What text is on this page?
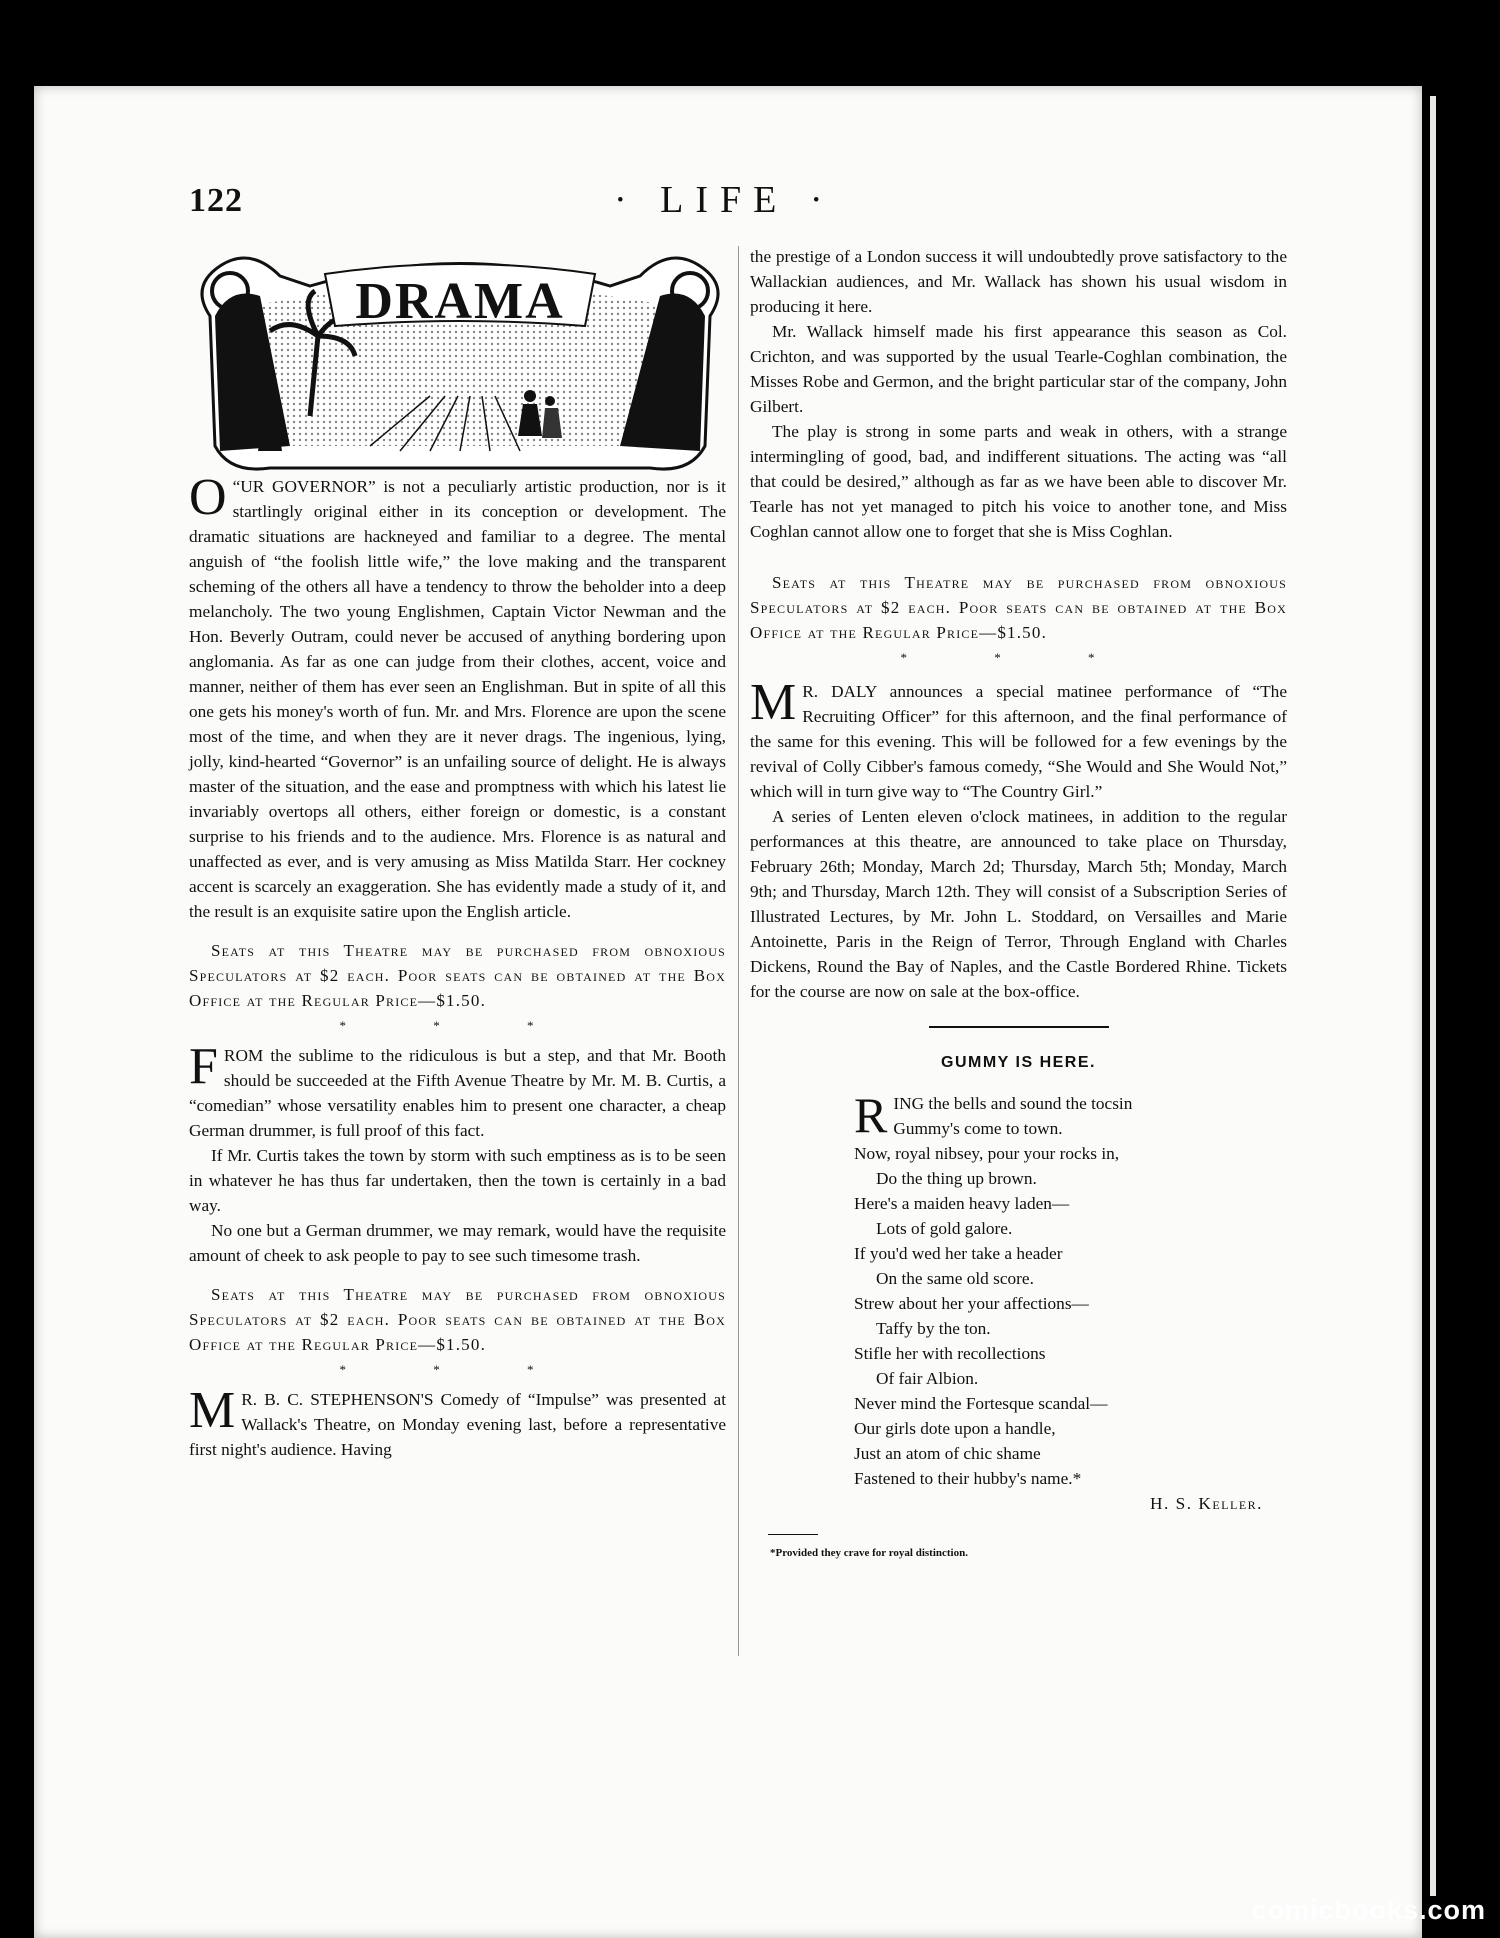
122	· LIFE ·
DRAMA

“
O UR GOVERNOR” is not a peculiarly artistic production, nor is it startlingly original either in its conception or development. The dramatic situations are hackneyed and familiar to a degree. The mental anguish of “the foolish little wife,” the love making and the transparent scheming of the others all have a tendency to throw the beholder into a deep melancholy. The two young Englishmen, Captain Victor Newman and the Hon. Beverly Outram, could never be accused of anything bordering upon anglomania. As far as one can judge from their clothes, accent, voice and manner, neither of them has ever seen an Englishman. But in spite of all this one gets his money's worth of fun. Mr. and Mrs. Florence are upon the scene most of the time, and when they are it never drags. The ingenious, lying, jolly, kind-hearted “Governor” is an unfailing source of delight. He is always master of the situation, and the ease and promptness with which his latest lie invariably overtops all others, either foreign or domestic, is a constant surprise to his friends and to the audience. Mrs. Florence is as natural and unaffected as ever, and is very amusing as Miss Matilda Starr. Her cockney accent is scarcely an exaggeration. She has evidently made a study of it, and the result is an exquisite satire upon the English article.

Seats at this Theatre may be purchased from obnoxious Speculators at $2 each. Poor seats can be obtained at the Box Office at the Regular Price—$1.50.

* * *

FROM the sublime to the ridiculous is but a step, and that Mr. Booth should be succeeded at the Fifth Avenue Theatre by Mr. M. B. Curtis, a “comedian” whose versatility enables him to present one character, a cheap German drummer, is full proof of this fact.

If Mr. Curtis takes the town by storm with such emptiness as is to be seen in whatever he has thus far undertaken, then the town is certainly in a bad way.

No one but a German drummer, we may remark, would have the requisite amount of cheek to ask people to pay to see such timesome trash.

Seats at this Theatre may be purchased from obnoxious Speculators at $2 each. Poor seats can be obtained at the Box Office at the Regular Price—$1.50.

* * *

M R. B. C. STEPHENSON'S Comedy of “Impulse” was presented at Wallack's Theatre, on Monday evening last, before a representative first night's audience. Having

the prestige of a London success it will undoubtedly prove satisfactory to the Wallackian audiences, and Mr. Wallack has shown his usual wisdom in producing it here.

Mr. Wallack himself made his first appearance this season as Col. Crichton, and was supported by the usual Tearle-Coghlan combination, the Misses Robe and Germon, and the bright particular star of the company, John Gilbert.

The play is strong in some parts and weak in others, with a strange intermingling of good, bad, and indifferent situations. The acting was “all that could be desired,” although as far as we have been able to discover Mr. Tearle has not yet managed to pitch his voice to another tone, and Miss Coghlan cannot allow one to forget that she is Miss Coghlan.

Seats at this Theatre may be purchased from obnoxious Speculators at $2 each. Poor seats can be obtained at the Box Office at the Regular Price—$1.50.

* * *

M R. DALY announces a special matinee performance of “The Recruiting Officer” for this afternoon, and the final performance of the same for this evening. This will be followed for a few evenings by the revival of Colly Cibber's famous comedy, “She Would and She Would Not,” which will in turn give way to “The Country Girl.”

A series of Lenten eleven o'clock matinees, in addition to the regular performances at this theatre, are announced to take place on Thursday, February 26th; Monday, March 2d; Thursday, March 5th; Monday, March 9th; and Thursday, March 12th. They will consist of a Subscription Series of Illustrated Lectures, by Mr. John L. Stoddard, on Versailles and Marie Antoinette, Paris in the Reign of Terror, Through England with Charles Dickens, Round the Bay of Naples, and the Castle Bordered Rhine. Tickets for the course are now on sale at the box-office.

GUMMY IS HERE.
RING the bells and sound the tocsin
Gummy's come to town.
Now, royal nibsey, pour your rocks in,
Do the thing up brown.
Here's a maiden heavy laden—
Lots of gold galore.
If you'd wed her take a header
On the same old score.
Strew about her your affections—
Taffy by the ton.
Stifle her with recollections
Of fair Albion.
Never mind the Fortesque scandal—
Our girls dote upon a handle,
Just an atom of chic shame
Fastened to their hubby's name.*
H. S. Keller.
*Provided they crave for royal distinction.
comicbooks.com
